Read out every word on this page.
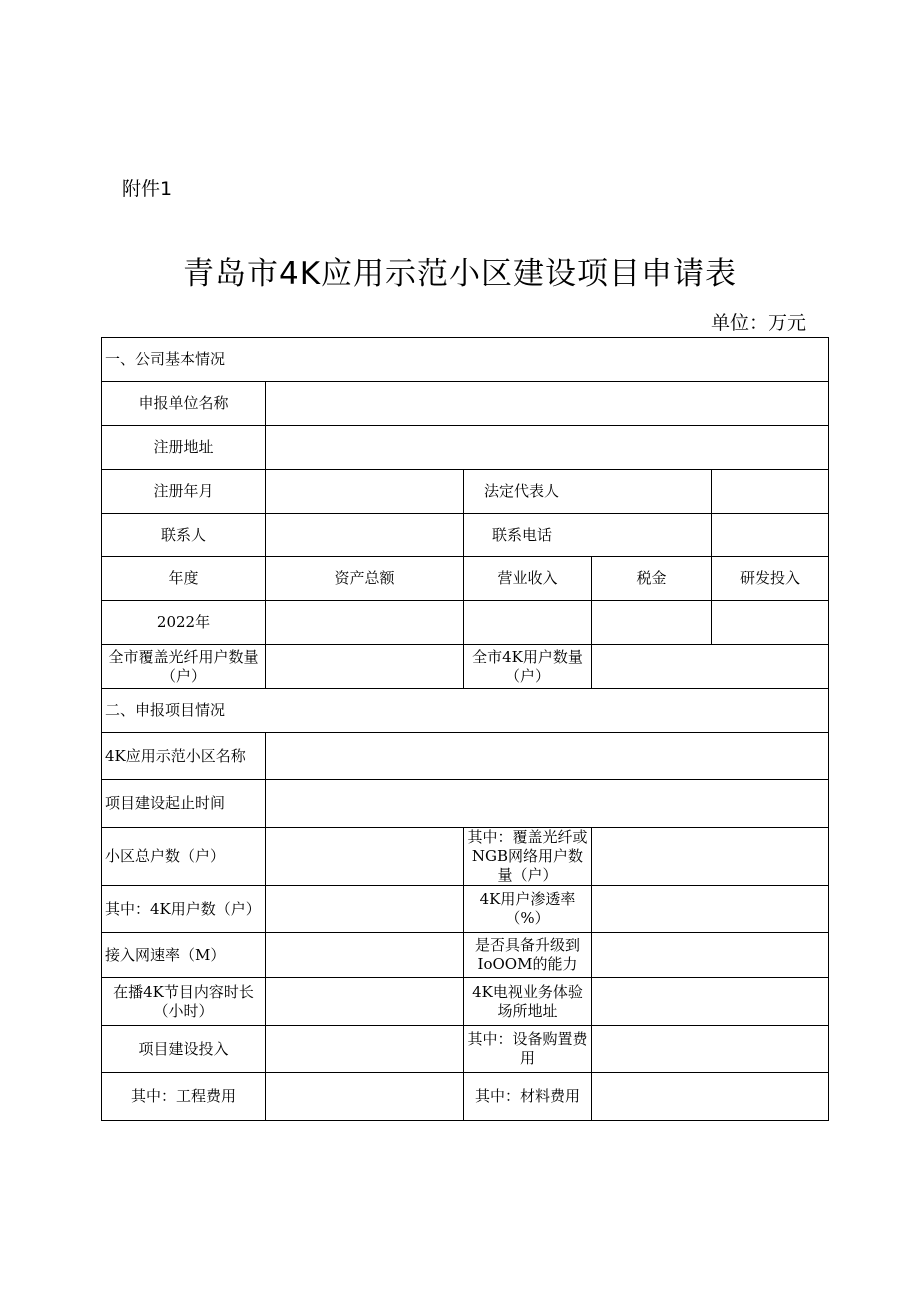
附件1
青岛市4K应用示范小区建设项目申请表
单位：万元
一、公司基本情况				
申报单位名称				
注册地址				
注册年月		法定代表人		
联系人		联系电话		
年度	资产总额	营业收入	税金	研发投入
2022年				
全市覆盖光纤用户数量（户）		全市4K用户数量（户）		
二、申报项目情况				
4K应用示范小区名称				
项目建设起止时间				
小区总户数（户）		其中：覆盖光纤或NGB网络用户数量（户）		
其中：4K用户数（户）		4K用户渗透率（%）		
接入网速率（M）		是否具备升级到IoOOM的能力		
在播4K节目内容时长（小时）		4K电视业务体验场所地址		
项目建设投入		其中：设备购置费用		
其中：工程费用		其中：材料费用		
